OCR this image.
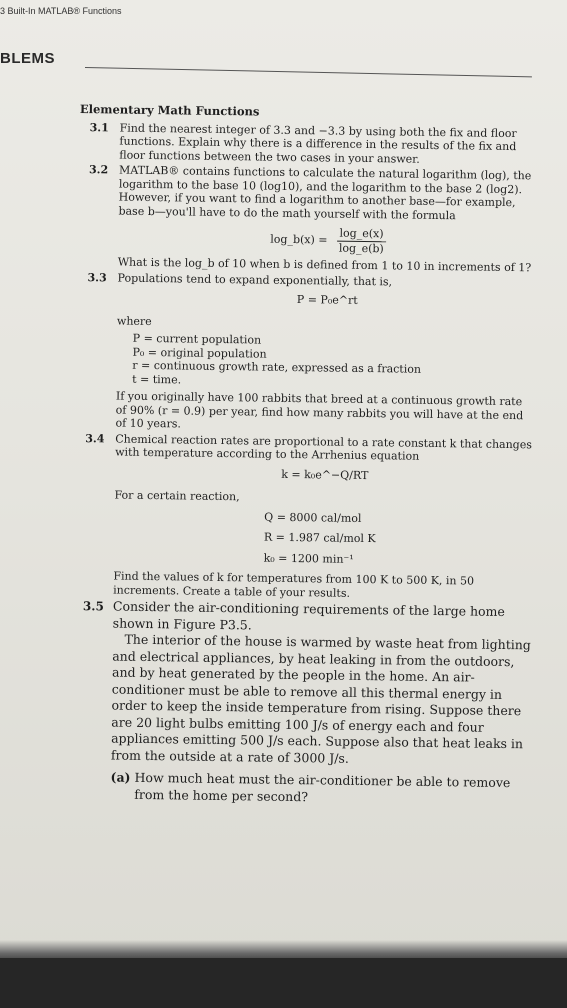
3 Built-In MATLAB® Functions
BLEMS
Elementary Math Functions
3.1 Find the nearest integer of 3.3 and −3.3 by using both the fix and floor functions. Explain why there is a difference in the results of the fix and floor functions between the two cases in your answer.

3.2 MATLAB® contains functions to calculate the natural logarithm (log), the logarithm to the base 10 (log10), and the logarithm to the base 2 (log2). However, if you want to find a logarithm to another base—for example, base b—you'll have to do the math yourself with the formula

log_b(x) = $\frac{\log\_e(x)}{\log\_e(b)}$

What is the log_b of 10 when b is defined from 1 to 10 in increments of 1?

3.3 Populations tend to expand exponentially, that is,

P = P₀e^rt
where
P = current population
P₀ = original population
r = continuous growth rate, expressed as a fraction
t = time.

If you originally have 100 rabbits that breed at a continuous growth rate of 90% (r = 0.9) per year, find how many rabbits you will have at the end of 10 years.

3.4 Chemical reaction rates are proportional to a rate constant k that changes with temperature according to the Arrhenius equation

k = k₀e^−Q/RT
For a certain reaction,
Q = 8000 cal/mol
R = 1.987 cal/mol K
k₀ = 1200 min⁻¹

Find the values of k for temperatures from 100 K to 500 K, in 50 increments. Create a table of your results.

3.5 Consider the air-conditioning requirements of the large home shown in Figure P3.5.

The interior of the house is warmed by waste heat from lighting and electrical appliances, by heat leaking in from the outdoors, and by heat generated by the people in the home. An air-conditioner must be able to remove all this thermal energy in order to keep the inside temperature from rising. Suppose there are 20 light bulbs emitting 100 J/s of energy each and four appliances emitting 500 J/s each. Suppose also that heat leaks in from the outside at a rate of 3000 J/s.

(a) How much heat must the air-conditioner be able to remove from the home per second?
